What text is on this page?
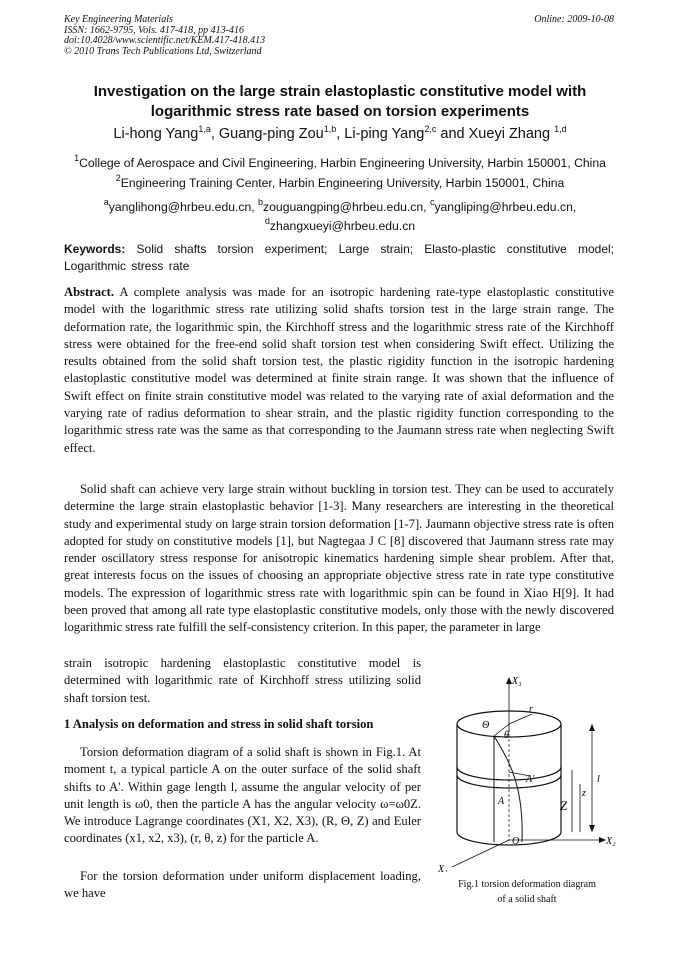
Key Engineering Materials
ISSN: 1662-9795, Vols. 417-418, pp 413-416
doi:10.4028/www.scientific.net/KEM.417-418.413
© 2010 Trans Tech Publications Ltd, Switzerland
Online: 2009-10-08
Investigation on the large strain elastoplastic constitutive model with
logarithmic stress rate based on torsion experiments
Li-hong Yang$^{1,a}$, Guang-ping Zou$^{1,b}$, Li-ping Yang$^{2,c}$ and Xueyi Zhang $^{1,d}$
$^1$College of Aerospace and Civil Engineering, Harbin Engineering University, Harbin 150001, China
$^2$Engineering Training Center, Harbin Engineering University, Harbin 150001, China
$^a$yanglihong@hrbeu.edu.cn, $^b$zouguangping@hrbeu.edu.cn, $^c$yangliping@hrbeu.edu.cn,
$^d$zhangxueyi@hrbeu.edu.cn
Keywords: Solid shafts torsion experiment; Large strain; Elasto-plastic constitutive model; Logarithmic stress rate
Abstract. A complete analysis was made for an isotropic hardening rate-type elastoplastic constitutive model with the logarithmic stress rate utilizing solid shafts torsion test in the large strain range. The deformation rate, the logarithmic spin, the Kirchhoff stress and the logarithmic stress rate of the Kirchhoff stress were obtained for the free-end solid shaft torsion test when considering Swift effect. Utilizing the results obtained from the solid shaft torsion test, the plastic rigidity function in the isotropic hardening elastoplastic constitutive model was determined at finite strain range. It was shown that the influence of Swift effect on finite strain constitutive model was related to the varying rate of axial deformation and the varying rate of radius deformation to shear strain, and the plastic rigidity function corresponding to the logarithmic stress rate was the same as that corresponding to the Jaumann stress rate when neglecting Swift effect.
Solid shaft can achieve very large strain without buckling in torsion test. They can be used to accurately determine the large strain elastoplastic behavior [1-3]. Many researchers are interesting in the theoretical study and experimental study on large strain torsion deformation [1-7]. Jaumann objective stress rate is often adopted for study on constitutive models [1], but Nagtegaa J C [8] discovered that Jaumann stress rate may render oscillatory stress response for anisotropic kinematics hardening simple shear problem. After that, great interests focus on the issues of choosing an appropriate objective stress rate in rate type constitutive models. The expression of logarithmic stress rate with logarithmic spin can be found in Xiao H[9]. It had been proved that among all rate type elastoplastic constitutive models, only those with the newly discovered logarithmic stress rate fulfill the self-consistency criterion. In this paper, the parameter in large
strain isotropic hardening elastoplastic constitutive model is determined with logarithmic rate of Kirchhoff stress utilizing solid shaft torsion test.
1 Analysis on deformation and stress in solid shaft torsion
Torsion deformation diagram of a solid shaft is shown in Fig.1. At moment t, a typical particle A on the outer surface of the solid shaft shifts to A'. Within gage length l, assume the angular velocity of per unit length is ω0, then the particle A has the angular velocity ω=ω0Z. We introduce Lagrange coordinates (X1, X2, X3), (R, Θ, Z) and Euler coordinates (x1, x2, x3), (r, θ, z) for the particle A.
For the torsion deformation under uniform displacement loading, we have
X₃
X₂
X₁
Θ
θ
r
A
A'
z
Z
l
O
Fig.1 torsion deformation diagram
of a solid shaft
